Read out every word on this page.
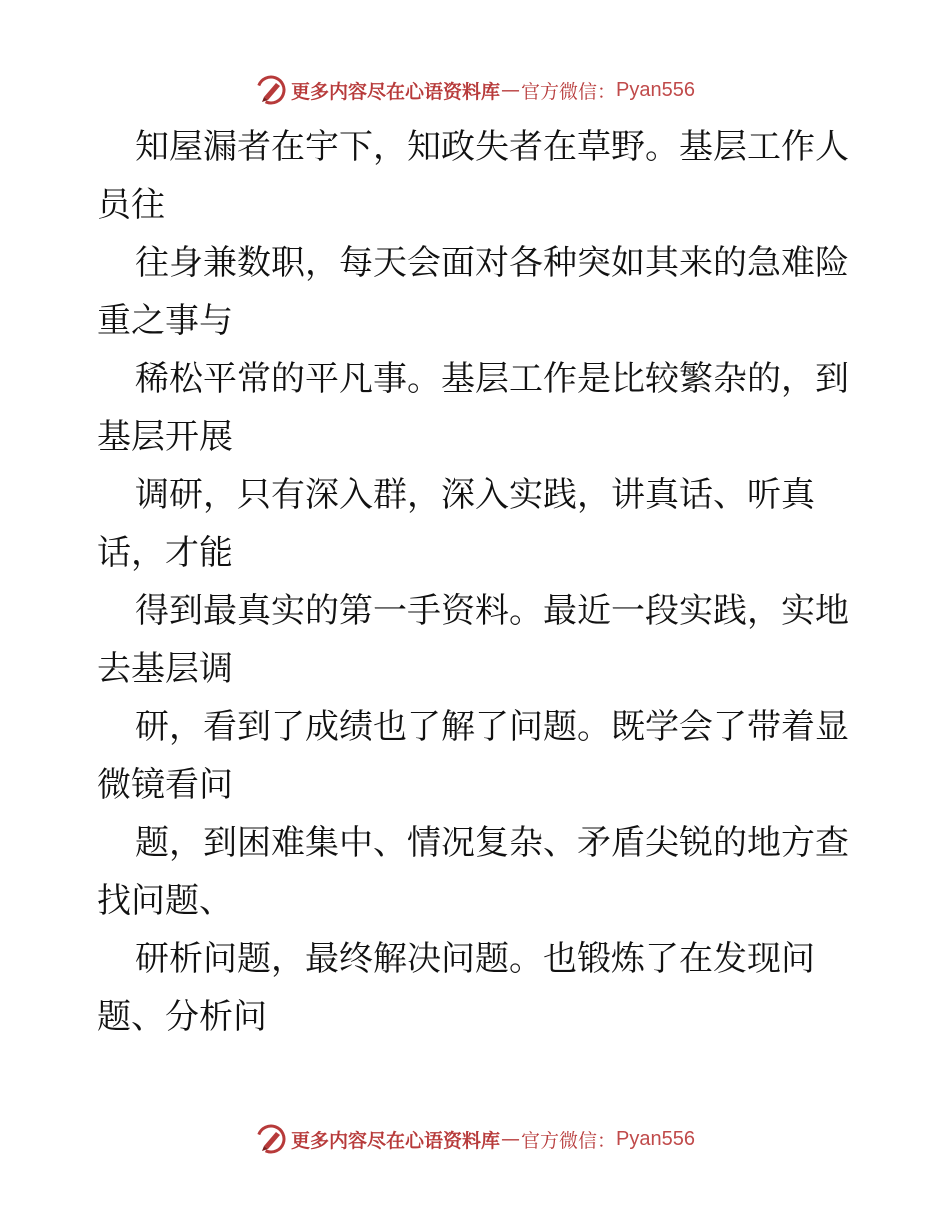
更多内容尽在心语资料库 — 官方微信： Pyan556
知屋漏者在宇下，知政失者在草野。基层工作人
员往
往身兼数职，每天会面对各种突如其来的急难险
重之事与
稀松平常的平凡事。基层工作是比较繁杂的，到
基层开展
调研，只有深入群，深入实践，讲真话、听真
话，才能
得到最真实的第一手资料。最近一段实践，实地
去基层调
研，看到了成绩也了解了问题。既学会了带着显
微镜看问
题，到困难集中、情况复杂、矛盾尖锐的地方查
找问题、
研析问题，最终解决问题。也锻炼了在发现问
题、分析问
更多内容尽在心语资料库 — 官方微信： Pyan556
